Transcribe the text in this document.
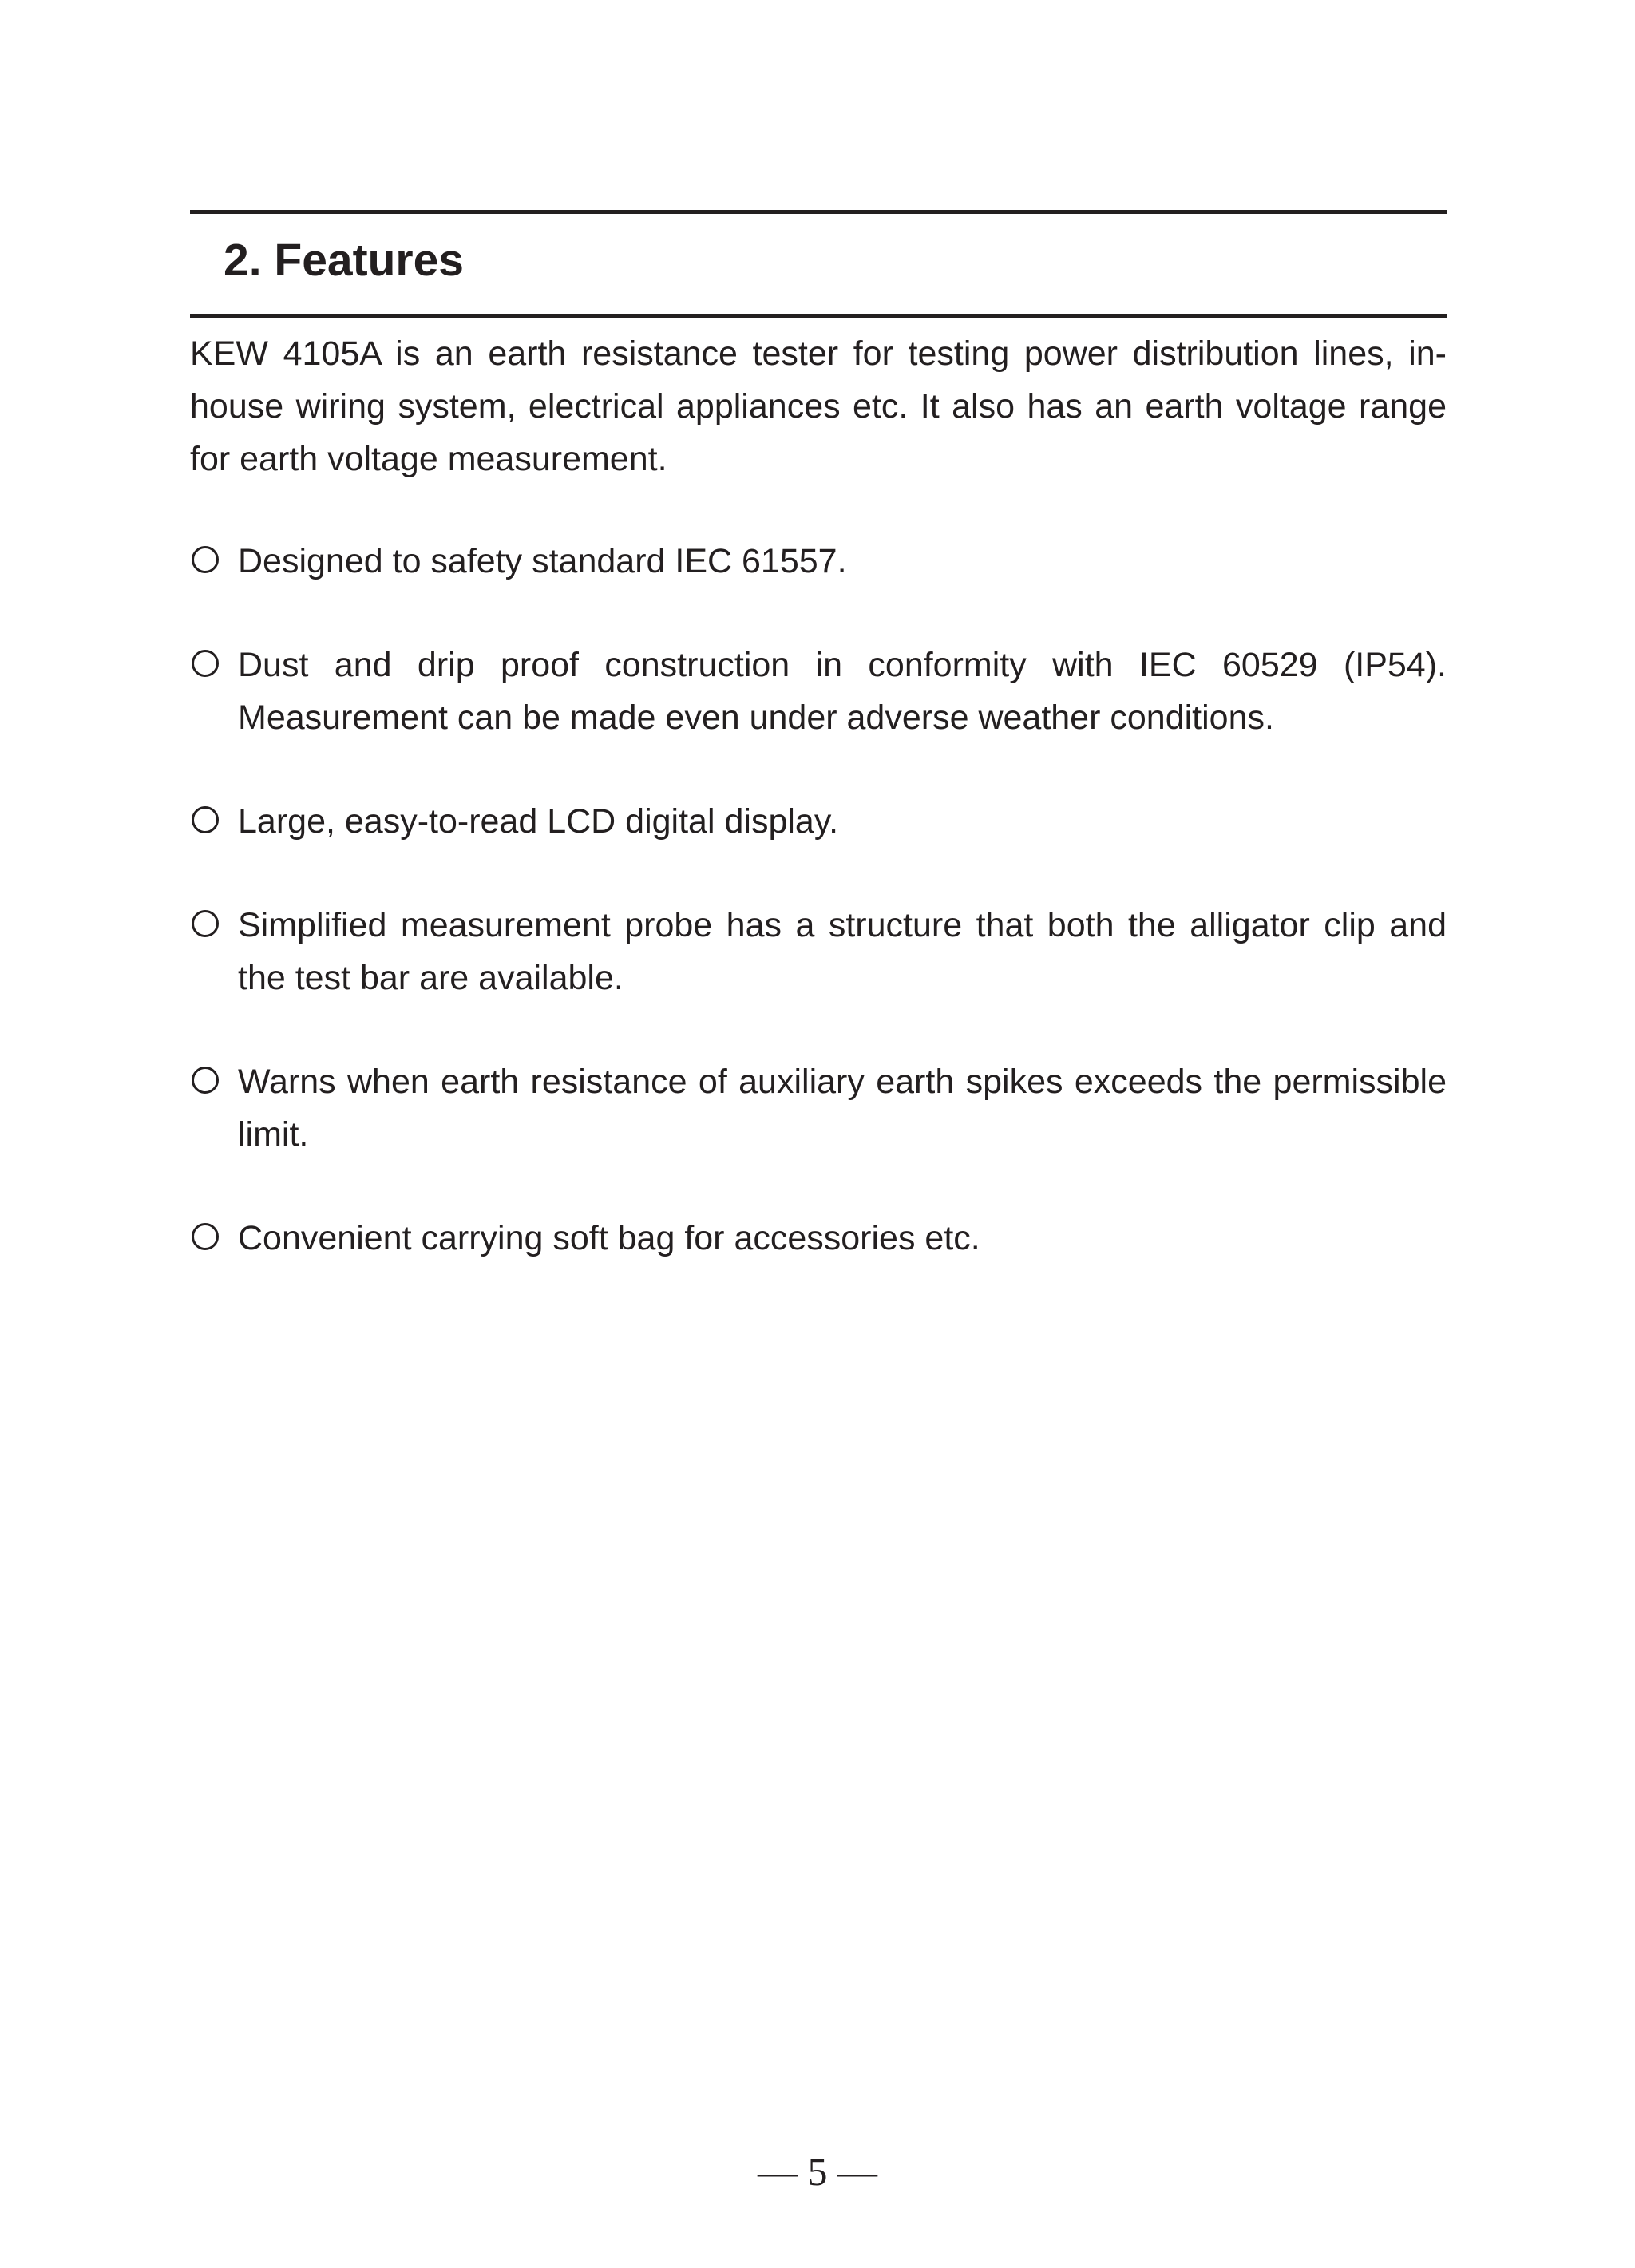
2. Features

KEW 4105A is an earth resistance tester for testing power distribution lines, in-house wiring system, electrical appliances etc. It also has an earth voltage range for earth voltage measurement.

Designed to safety standard IEC 61557.
Dust and drip proof construction in conformity with IEC 60529 (IP54). Measurement can be made even under adverse weather conditions.
Large, easy-to-read LCD digital display.
Simplified measurement probe has a structure that both the alligator clip and the test bar are available.
Warns when earth resistance of auxiliary earth spikes exceeds the permissible limit.
Convenient carrying soft bag for accessories etc.
— 5 —
